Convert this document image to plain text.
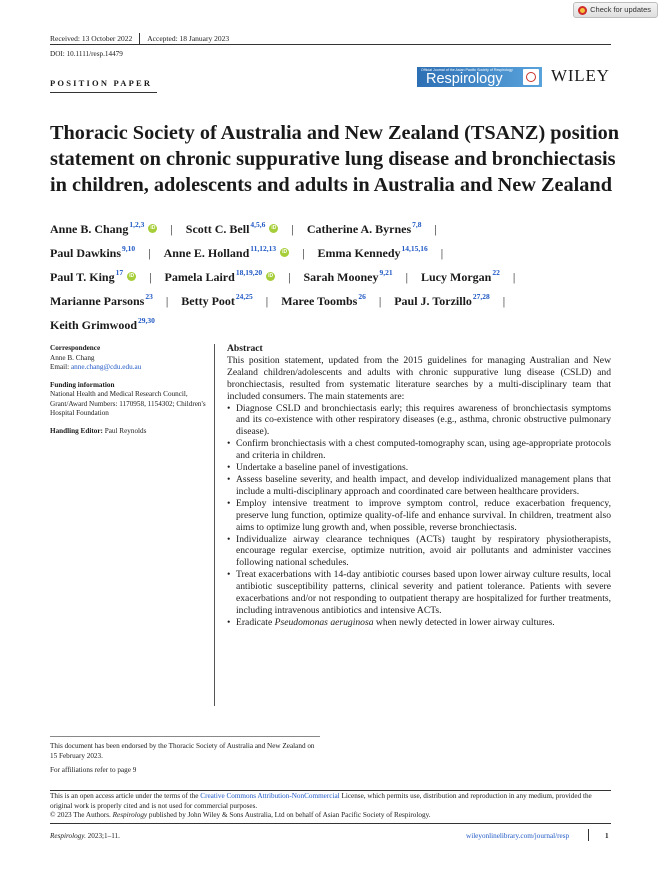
Check for updates
Received: 13 October 2022 Accepted: 18 January 2023
DOI: 10.1111/resp.14479
POSITION PAPER
Official Journal of the Asian Pacific Society of Respirology
Respirology	WILEY
Thoracic Society of Australia and New Zealand (TSANZ) position statement on chronic suppurative lung disease and bronchiectasis in children, adolescents and adults in Australia and New Zealand
Anne B. Chang$^{1,2,3}$ iD | Scott C. Bell$^{4,5,6}$ iD | Catherine A. Byrnes$^{7,8}$ |
Paul Dawkins$^{9,10}$ | Anne E. Holland$^{11,12,13}$ iD | Emma Kennedy$^{14,15,16}$ |
Paul T. King$^{17}$ iD | Pamela Laird$^{18,19,20}$ iD | Sarah Mooney$^{9,21}$ | Lucy Morgan$^{22}$ |
Marianne Parsons$^{23}$ | Betty Poot$^{24,25}$ | Maree Toombs$^{26}$ | Paul J. Torzillo$^{27,28}$ |
Keith Grimwood$^{29,30}$
Correspondence
Anne B. Chang
Email: anne.chang@cdu.edu.au
Funding information
National Health and Medical Research Council, Grant/Award Numbers: 1170958, 1154302; Children's Hospital Foundation
Handling Editor: Paul Reynolds
Abstract

This position statement, updated from the 2015 guidelines for managing Australian and New Zealand children/adolescents and adults with chronic suppurative lung disease (CSLD) and bronchiectasis, resulted from systematic literature searches by a multi-disciplinary team that included consumers. The main statements are:

• Diagnose CSLD and bronchiectasis early; this requires awareness of bronchiectasis symptoms and its co-existence with other respiratory diseases (e.g., asthma, chronic obstructive pulmonary disease).
• Confirm bronchiectasis with a chest computed-tomography scan, using age-appropriate protocols and criteria in children.
• Undertake a baseline panel of investigations.
• Assess baseline severity, and health impact, and develop individualized management plans that include a multi-disciplinary approach and coordinated care between healthcare providers.
• Employ intensive treatment to improve symptom control, reduce exacerbation frequency, preserve lung function, optimize quality-of-life and enhance survival. In children, treatment also aims to optimize lung growth and, when possible, reverse bronchiectasis.
• Individualize airway clearance techniques (ACTs) taught by respiratory physiotherapists, encourage regular exercise, optimize nutrition, avoid air pollutants and administer vaccines following national schedules.
• Treat exacerbations with 14-day antibiotic courses based upon lower airway culture results, local antibiotic susceptibility patterns, clinical severity and patient tolerance. Patients with severe exacerbations and/or not responding to outpatient therapy are hospitalized for further treatments, including intravenous antibiotics and intensive ACTs.
• Eradicate Pseudomonas aeruginosa when newly detected in lower airway cultures.
This document has been endorsed by the Thoracic Society of Australia and New Zealand on 15 February 2023.
For affiliations refer to page 9
This is an open access article under the terms of the Creative Commons Attribution-NonCommercial License, which permits use, distribution and reproduction in any medium, provided the original work is properly cited and is not used for commercial purposes.
© 2023 The Authors. Respirology published by John Wiley & Sons Australia, Ltd on behalf of Asian Pacific Society of Respirology.
Respirology. 2023;1–11.	wileyonlinelibrary.com/journal/resp	1
